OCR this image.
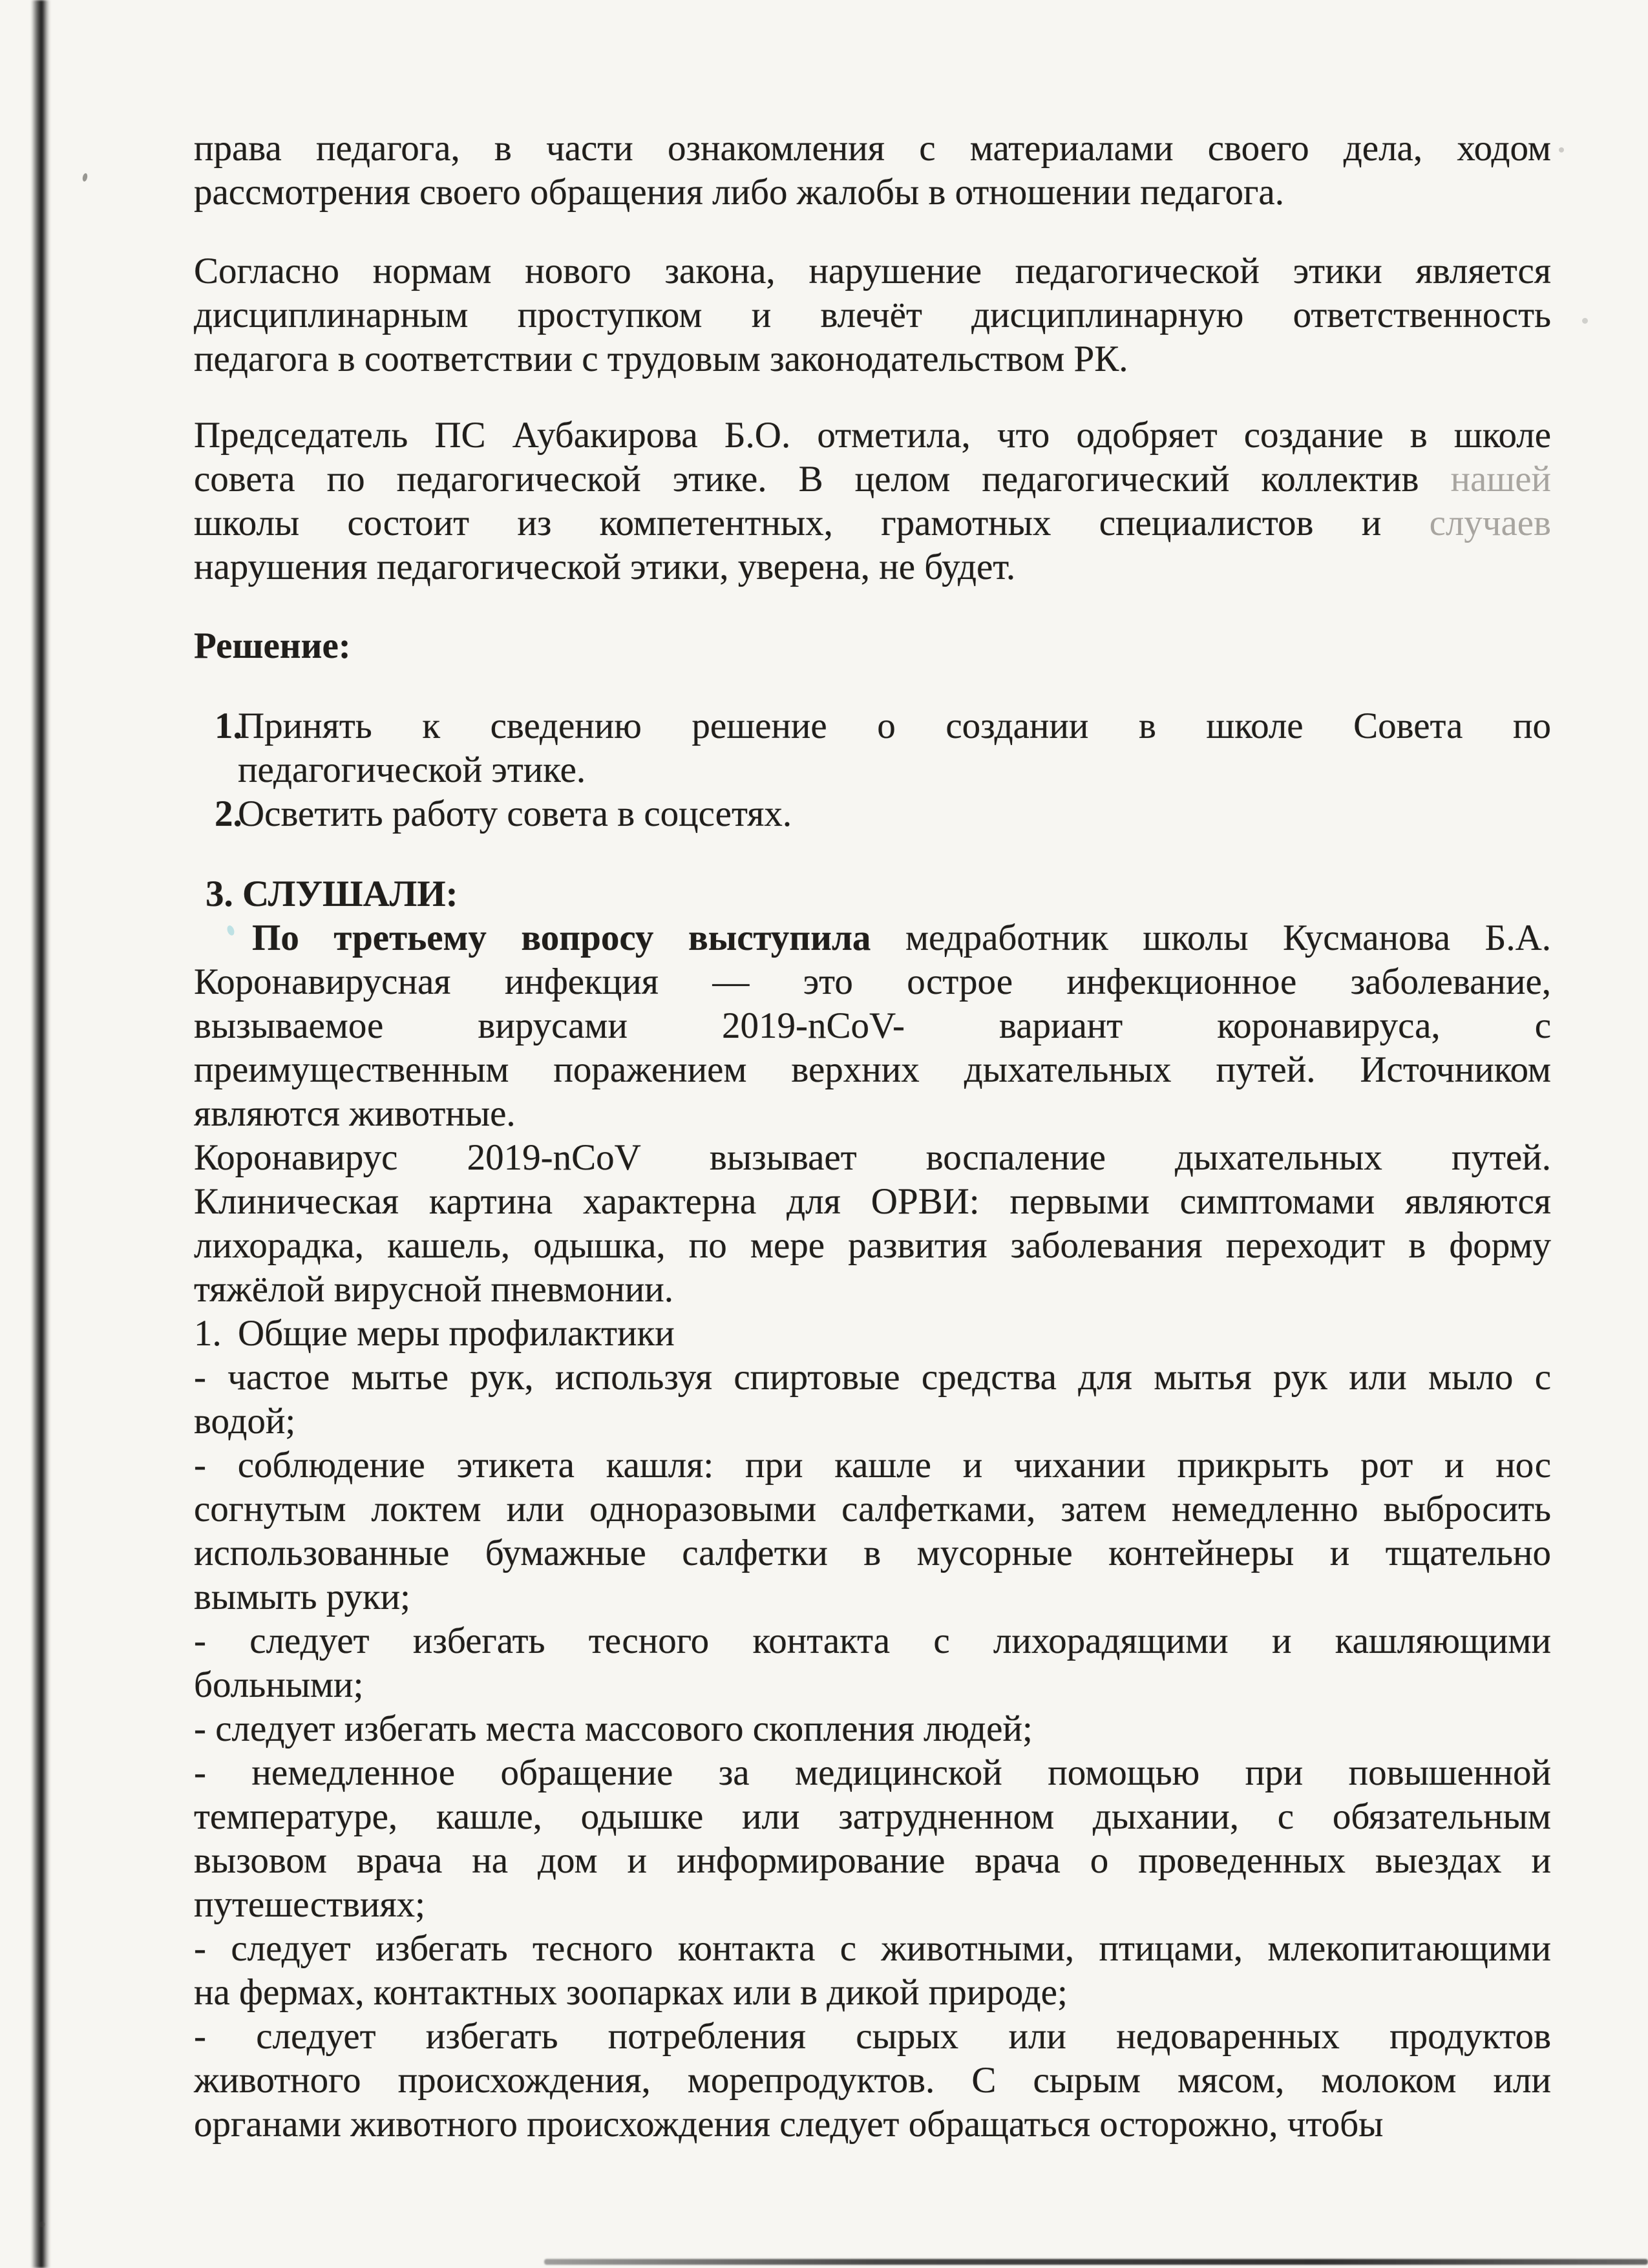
права педагога, в части ознакомления с материалами своего дела, ходом
рассмотрения своего обращения либо жалобы в отношении педагога.
Согласно нормам нового закона, нарушение педагогической этики является
дисциплинарным проступком и влечёт дисциплинарную ответственность
педагога в соответствии с трудовым законодательством РК.
Председатель ПС Аубакирова Б.О. отметила, что одобряет создание в школе
совета по педагогической этике. В целом педагогический коллектив нашей
школы состоит из компетентных, грамотных специалистов и случаев
нарушения педагогической этики, уверена, не будет.
Решение:
1.
Принять к сведению решение о создании в школе Совета по
педагогической этике.
2.
Осветить работу совета в соцсетях.
3. СЛУШАЛИ:
По третьему вопросу выступила медработник школы Кусманова Б.А.
Коронавирусная инфекция — это острое инфекционное заболевание,
вызываемое вирусами 2019-nCoV- вариант коронавируса, с
преимущественным поражением верхних дыхательных путей. Источником
являются животные.
Коронавирус 2019-nCoV вызывает воспаление дыхательных путей.
Клиническая картина характерна для ОРВИ: первыми симптомами являются
лихорадка, кашель, одышка, по мере развития заболевания переходит в форму
тяжёлой вирусной пневмонии.
1. Общие меры профилактики
- частое мытье рук, используя спиртовые средства для мытья рук или мыло с
водой;
- соблюдение этикета кашля: при кашле и чихании прикрыть рот и нос
согнутым локтем или одноразовыми салфетками, затем немедленно выбросить
использованные бумажные салфетки в мусорные контейнеры и тщательно
вымыть руки;
- следует избегать тесного контакта с лихорадящими и кашляющими
больными;
- следует избегать места массового скопления людей;
- немедленное обращение за медицинской помощью при повышенной
температуре, кашле, одышке или затрудненном дыхании, с обязательным
вызовом врача на дом и информирование врача о проведенных выездах и
путешествиях;
- следует избегать тесного контакта с животными, птицами, млекопитающими
на фермах, контактных зоопарках или в дикой природе;
- следует избегать потребления сырых или недоваренных продуктов
животного происхождения, морепродуктов. С сырым мясом, молоком или
органами животного происхождения следует обращаться осторожно, чтобы
